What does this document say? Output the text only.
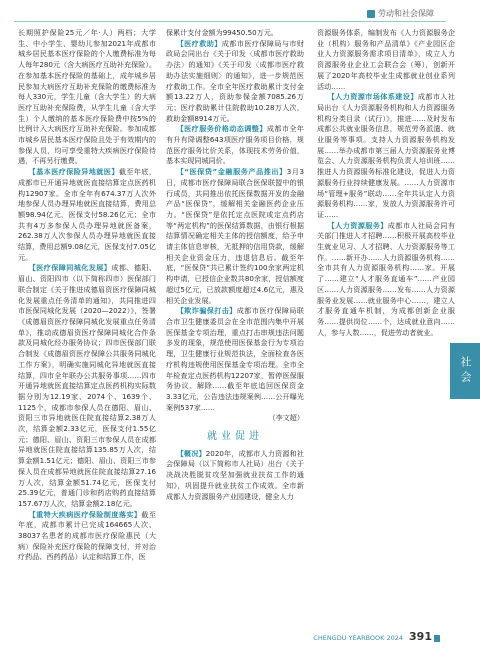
劳动和社会保障

长期照护保险25元／年·人）两档；大学生、中小学生、婴幼儿参加2021年成都市城乡居民基本医疗保险的个人缴费标准为每人每年280元（含大病医疗互助补充保险）。在参加基本医疗保险的基础上，成年城乡居民参加大病医疗互助补充保险的缴费标准为每人330元，学生儿童（含大学生）的大病医疗互助补充保险费，从学生儿童（含大学生）个人缴纳的基本医疗保险费中按5%的比例计入大病医疗互助补充保险。参加成都市城乡居民基本医疗保险且处于有效期内的参保人员，均可享受重特大疾病医疗保险待遇，不再另行缴费。

【基本医疗保险异地就医】截至年底，成都市已开通异地就医直接结算定点医药机构12907家。全市全年有674.37万人次外地参保人员办理异地就医直接结算，费用总额98.94亿元，医保支付58.26亿元；全市共有4万多参保人员办理异地就医备案，262.38万人次参保人员办理异地就医直接结算，费用总额9.08亿元，医保支付7.05亿元。

【医疗保障同城化发展】成都、德阳、眉山、资阳四市（以下简称四市）医保部门联合制定《关于推进成德眉资医疗保障同城化发展重点任务清单的通知》，共同推进四市医保同城化发展（2020—2022）》，签署《成德眉资医疗保障同城化发展重点任务清单》，推动成德眉资医疗保障同城化合作条款及同城化经办服务协议；四市医保部门联合制发《成德眉资医疗保障公共服务同城化工作方案》，明确实施同城化异地就医直接结算，四市全年联办公共服务事项……四市开通异地就医直接结算定点医药机构实际数据分别为12.19家、2074个、1639个、1125个，成都市参保人员在德阳、眉山、资阳三市异地就医住院直接结算2.38万人次，结算金额2.33亿元，医保支付1.55亿元；德阳、眉山、资阳三市参保人员在成都异地就医住院直接结算135.85万人次，结算金额1.51亿元；德阳、眉山、资阳三市参保人员在成都异地就医住院直接结算27.16万人次，结算金额51.74亿元，医保支付25.39亿元，普通门诊和药店购药直接结算157.67万人次，结算金额2.18亿元。

【重特大疾病医疗保险制度落实】截至年底，成都市累计已完成164665人次、38037名患者的成都市医疗保险惠民（大病）保险补充医疗保险的保障支付，并对治疗药品、西药药品）认定和结算工作，医

保累计支付金额为99450.50万元。

【医疗救助】成都市医疗保障局与市财政局会同出台《关于印发〈成都市医疗救助办法〉的通知》《关于印发〈成都市医疗救助办法实施细则〉的通知》，进一步规范医疗救助工作。全市全年医疗救助累计支付金额13.22万人，资助参保金额7085.26万元；医疗救助累计住院救助10.28万人次，救助金额8914万元。

【医疗服务价格动态调整】成都市全年有升有降调整643项医疗服务项目价格，规范医疗服务比价关系，体现技术劳务价值，基本实现同城同价。

【“医保贷”金融服务产品推出】3月3日，成都市医疗保障局联合医保联盟中的银行成员，共同推出依托医保数据开发的金融产品“医保贷”，缓解相关金融医药企业压力。“医保贷”是依托定点医院或定点药店等“两定机构”的医保结算数据，由银行根据结算情况确定相关主体的授信额度，给予申请主体信息审核，无抵押的信用贷款，缓解相关企业资金压力，违退信息后。截至年底，“医保贷”共已累计签约100余家两定机构申请，已授信企业数共80余家，授信额度超过5亿元，已放款额度超过4.6亿元，惠及相关企业发展。

【欺诈骗保打击】成都市医疗保障局联合市卫生健康委员会在全市范围内集中开展医保基金专项治理，重点打击串规违法问题多发的现象，规范使用医保基金行为专项治理，卫生健康行业规范执法，全面检查各医疗机构违规使用医保基金专项治理。全市全年检查定点医药机构12207家，暂停医保服务协议、解除……截至年底追回医保资金3.33亿元，公告违法违规案例……公开曝光案例537家……

（李文超）

就业促进

【概况】2020年，成都市人力资源和社会保障局（以下简称市人社局）出台《关于决战决胜脱贫攻坚加强就业扶贫工作的通知》，巩固提升就业扶贫工作成效。全市新成都人力资源服务产业园建设，健全人力

资源服务体系，编制发布《人力资源服务企业（机构）服务和产品清单》《产业园区企业人力资源服务需求项目清单》，成立人力资源服务业企业工会联合会（筹），创新开展了2020年高校毕业生成都就业创业系列活动……

【人力资源市场体系建设】成都市人社局出台《人力资源服务机构和人力资源服务机构分类目录（试行）》，推进……及时发布成都公共就业服务信息，规范劳务派遣、就业服务等事项。支持人力资源服务机构发展……举办成都市第三届人力资源服务业博览会、人力资源服务机构负责人培训班……推进人力资源服务标准化建设，促进人力资源服务行业持续健康发展。……人力资源市场“管理+服务”联动……全年共认定人力资源服务机构……家，发放人力资源服务许可证……

【人力资源服务】成都市人社局会同有关部门推进人才招聘……积极开展高校毕业生就业见习、人才招聘、人力资源服务等工作。……新开办……人力资源服务机构……全市共有人力资源服务机构……家。开展了……建立“人才服务直通车”……产业园区……人力资源服务……发布……人力资源服务业发展……就业服务中心……，建立人才服务直通车机制，为成都创新企业服务……提供岗位……个，达成就业意向……人，参与人数……，促进劳动者就业。

社会
CHENGDU YEARBOOK 2024 391
